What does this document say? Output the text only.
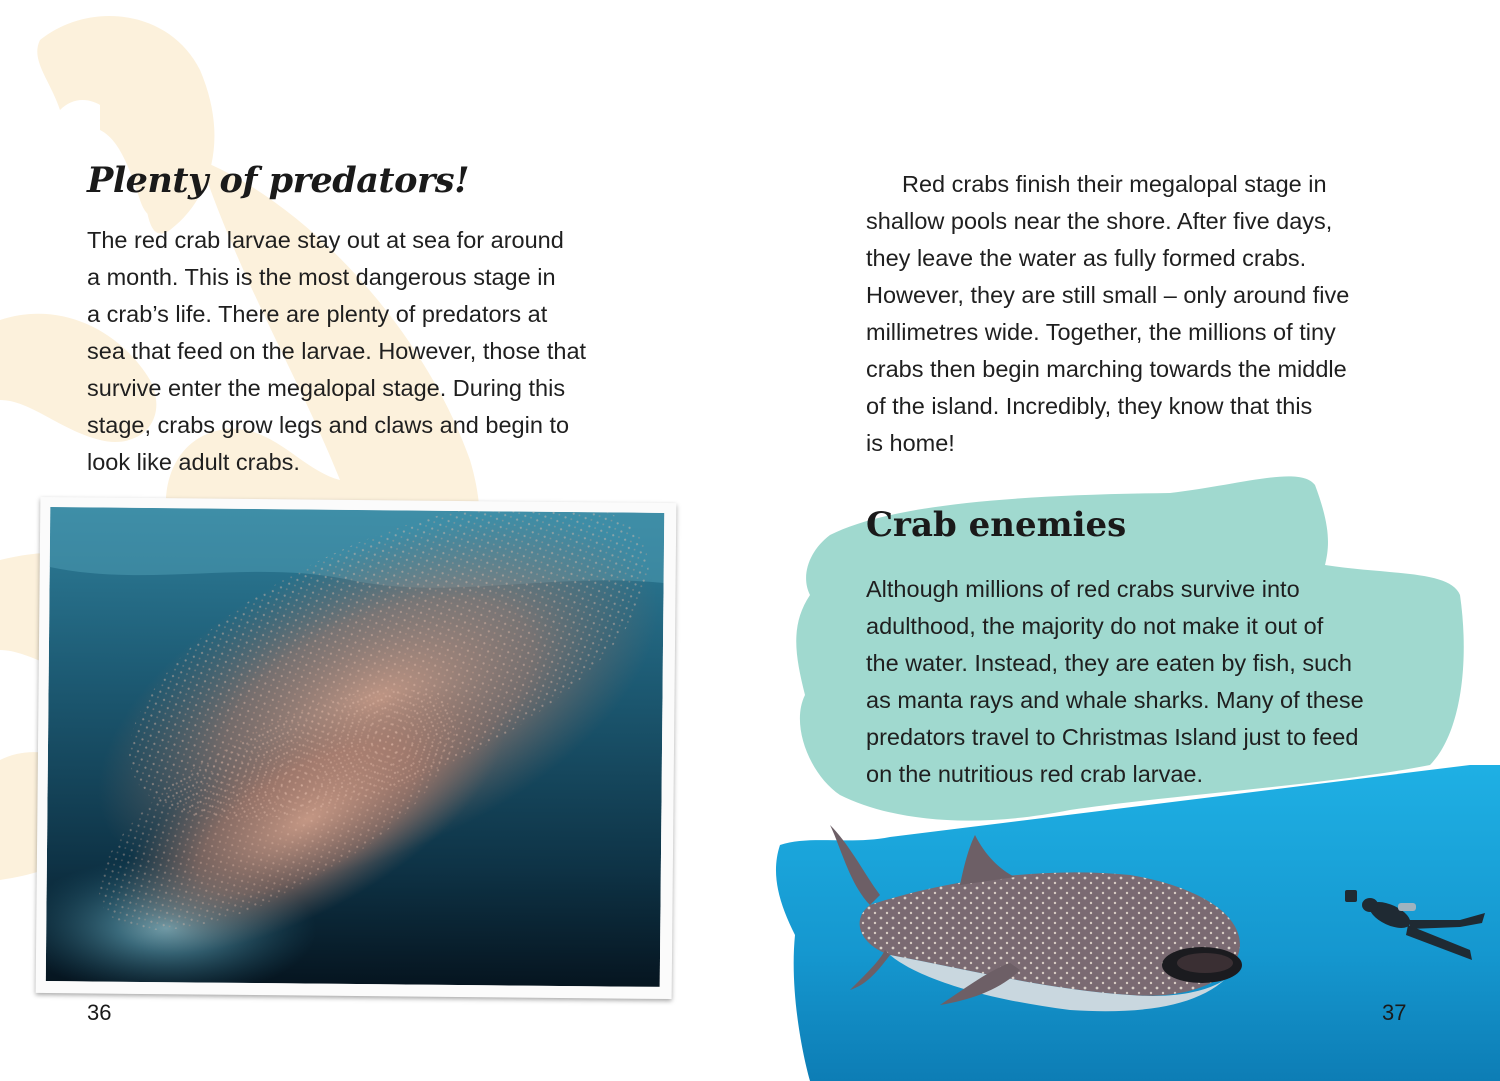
Plenty of predators!

The red crab larvae stay out at sea for around
a month. This is the most dangerous stage in
a crab’s life. There are plenty of predators at
sea that feed on the larvae. However, those that
survive enter the megalopal stage. During this
stage, crabs grow legs and claws and begin to
look like adult crabs.

36

Red crabs finish their megalopal stage in
shallow pools near the shore. After five days,
they leave the water as fully formed crabs.
However, they are still small – only around five
millimetres wide. Together, the millions of tiny
crabs then begin marching towards the middle
of the island. Incredibly, they know that this
is home!

Crab enemies

Although millions of red crabs survive into
adulthood, the majority do not make it out of
the water. Instead, they are eaten by fish, such
as manta rays and whale sharks. Many of these
predators travel to Christmas Island just to feed
on the nutritious red crab larvae.

37
